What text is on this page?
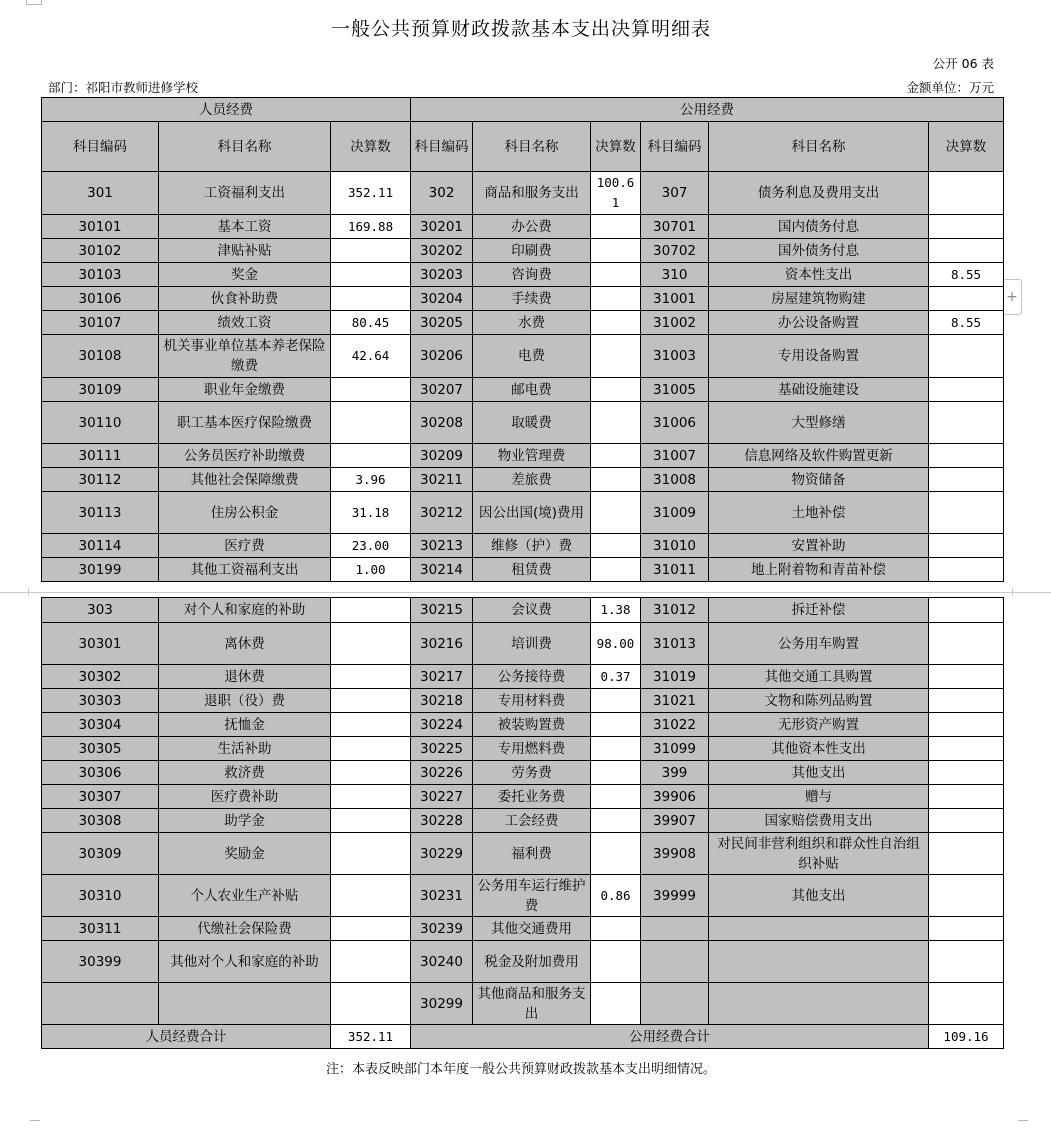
+
一般公共预算财政拨款基本支出决算明细表
公开 06 表
部门：祁阳市教师进修学校	金额单位：万元
人员经费			公用经费					
科目编码	科目名称	决算数	科目编码	科目名称	决算数	科目编码	科目名称	决算数
301	工资福利支出	352.11	302	商品和服务支出	100.61	307	债务利息及费用支出	
30101	基本工资	169.88	30201	办公费		30701	国内债务付息	
30102	津贴补贴		30202	印刷费		30702	国外债务付息	
30103	奖金		30203	咨询费		310	资本性支出	8.55
30106	伙食补助费		30204	手续费		31001	房屋建筑物购建	
30107	绩效工资	80.45	30205	水费		31002	办公设备购置	8.55
30108	机关事业单位基本养老保险缴费	42.64	30206	电费		31003	专用设备购置	
30109	职业年金缴费		30207	邮电费		31005	基础设施建设	
30110	职工基本医疗保险缴费		30208	取暖费		31006	大型修缮	
30111	公务员医疗补助缴费		30209	物业管理费		31007	信息网络及软件购置更新	
30112	其他社会保障缴费	3.96	30211	差旅费		31008	物资储备	
30113	住房公积金	31.18	30212	因公出国(境)费用		31009	土地补偿	
30114	医疗费	23.00	30213	维修（护）费		31010	安置补助	
30199	其他工资福利支出	1.00	30214	租赁费		31011	地上附着物和青苗补偿	
303	对个人和家庭的补助		30215	会议费	1.38	31012	拆迁补偿	
30301	离休费		30216	培训费	98.00	31013	公务用车购置	
30302	退休费		30217	公务接待费	0.37	31019	其他交通工具购置	
30303	退职（役）费		30218	专用材料费		31021	文物和陈列品购置	
30304	抚恤金		30224	被装购置费		31022	无形资产购置	
30305	生活补助		30225	专用燃料费		31099	其他资本性支出	
30306	救济费		30226	劳务费		399	其他支出	
30307	医疗费补助		30227	委托业务费		39906	赠与	
30308	助学金		30228	工会经费		39907	国家赔偿费用支出	
30309	奖励金		30229	福利费		39908	对民间非营利组织和群众性自治组织补贴	
30310	个人农业生产补贴		30231	公务用车运行维护费	0.86	39999	其他支出	
30311	代缴社会保险费		30239	其他交通费用				
30399	其他对个人和家庭的补助		30240	税金及附加费用				
			30299	其他商品和服务支出				
人员经费合计		352.11	公用经费合计					109.16
注：本表反映部门本年度一般公共预算财政拨款基本支出明细情况。
